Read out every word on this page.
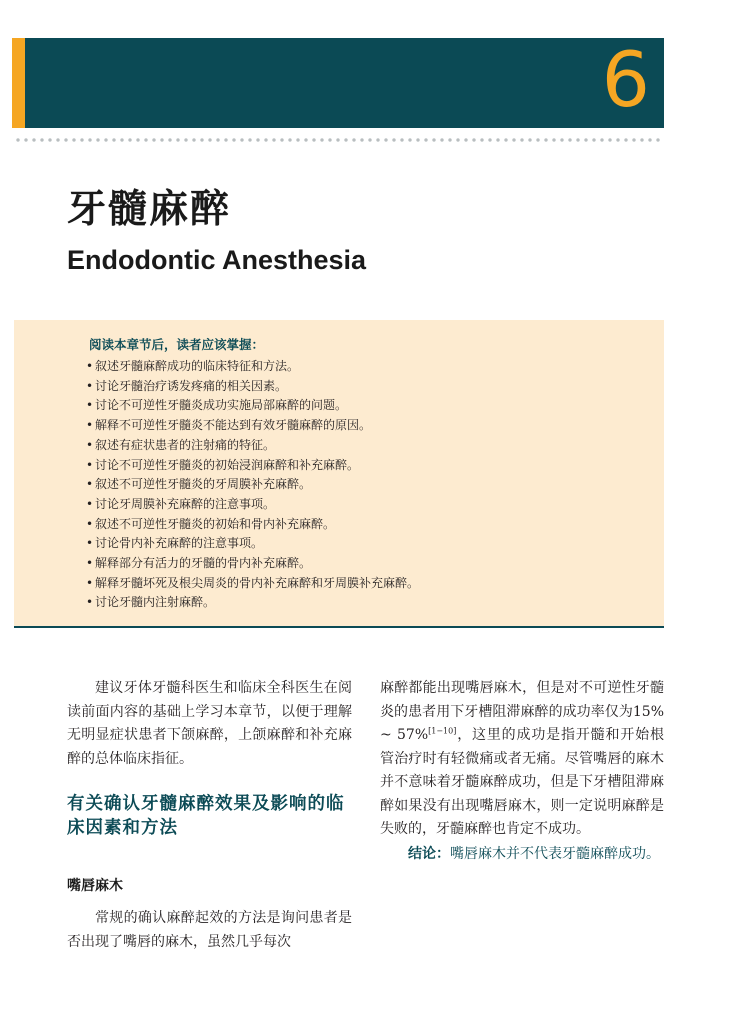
6
牙髓麻醉
Endodontic Anesthesia
阅读本章节后，读者应该掌握：
• 叙述牙髓麻醉成功的临床特征和方法。
• 讨论牙髓治疗诱发疼痛的相关因素。
• 讨论不可逆性牙髓炎成功实施局部麻醉的问题。
• 解释不可逆性牙髓炎不能达到有效牙髓麻醉的原因。
• 叙述有症状患者的注射痛的特征。
• 讨论不可逆性牙髓炎的初始浸润麻醉和补充麻醉。
• 叙述不可逆性牙髓炎的牙周膜补充麻醉。
• 讨论牙周膜补充麻醉的注意事项。
• 叙述不可逆性牙髓炎的初始和骨内补充麻醉。
• 讨论骨内补充麻醉的注意事项。
• 解释部分有活力的牙髓的骨内补充麻醉。
• 解释牙髓坏死及根尖周炎的骨内补充麻醉和牙周膜补充麻醉。
• 讨论牙髓内注射麻醉。

建议牙体牙髓科医生和临床全科医生在阅读前面内容的基础上学习本章节，以便于理解无明显症状患者下颌麻醉，上颌麻醉和补充麻醉的总体临床指征。

有关确认牙髓麻醉效果及影响的临床因素和方法
嘴唇麻木

常规的确认麻醉起效的方法是询问患者是否出现了嘴唇的麻木，虽然几乎每次

麻醉都能出现嘴唇麻木，但是对不可逆性牙髓炎的患者用下牙槽阻滞麻醉的成功率仅为15% ~ 57%[1−10]，这里的成功是指开髓和开始根管治疗时有轻微痛或者无痛。尽管嘴唇的麻木并不意味着牙髓麻醉成功，但是下牙槽阻滞麻醉如果没有出现嘴唇麻木，则一定说明麻醉是失败的，牙髓麻醉也肯定不成功。

结论：嘴唇麻木并不代表牙髓麻醉成功。
